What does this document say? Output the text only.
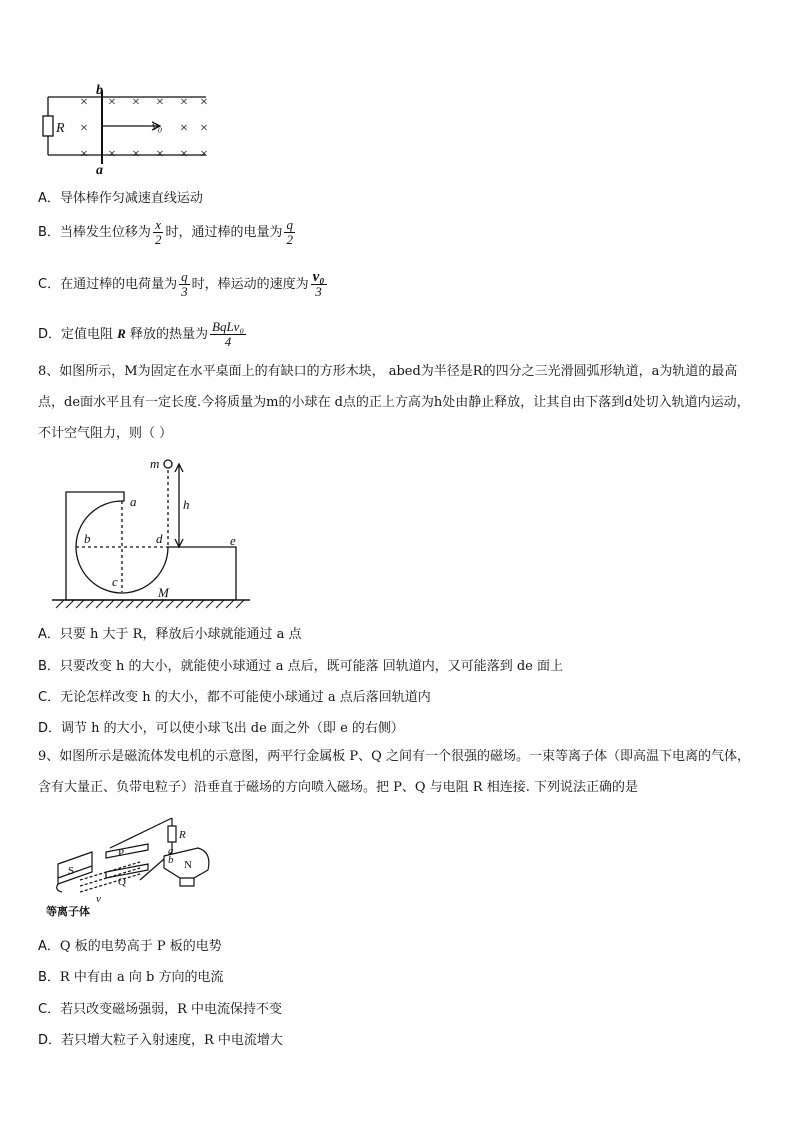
×
×
×
×
×
×
×
×
×
×
×
×
×
×
×
R
b
a
v₀
A．导体棒作匀减速直线运动
B．当棒发生位移为 $\frac{x}{2}$ 时，通过棒的电量为 $\frac{q}{2}$
C．在通过棒的电荷量为 $\frac{q}{3}$ 时，棒运动的速度为 $\frac{\text{v₀}}{3}$
D．定值电阻 R 释放的热量为 $\frac{\text{BqLv₀}}{4}$
8、如图所示，M为固定在水平桌面上的有缺口的方形木块， abed为半径是R的四分之三光滑圆弧形轨道，a为轨道的最高点，de面水平且有一定长度.今将质量为m的小球在 d点的正上方高为h处由静止释放，让其自由下落到d处切入轨道内运动，不计空气阻力，则（ ）
m
a	h
b	d	e
c
M
A．只要 h 大于 R，释放后小球就能通过 a 点
B．只要改变 h 的大小，就能使小球通过 a 点后，既可能落 回轨道内，又可能落到 de 面上
C．无论怎样改变 h 的大小，都不可能使小球通过 a 点后落回轨道内
D．调节 h 的大小，可以使小球飞出 de 面之外（即 e 的右侧）
9、如图所示是磁流体发电机的示意图，两平行金属板 P、Q 之间有一个很强的磁场。一束等离子体（即高温下电离的气体，含有大量正、负带电粒子）沿垂直于磁场的方向喷入磁场。把 P、Q 与电阻 R 相连接. 下列说法正确的是
R
a
b
S
P
N
Q
v
等离子体
A．Q 板的电势高于 P 板的电势
B．R 中有由 a 向 b 方向的电流
C．若只改变磁场强弱，R 中电流保持不变
D．若只增大粒子入射速度，R 中电流增大
